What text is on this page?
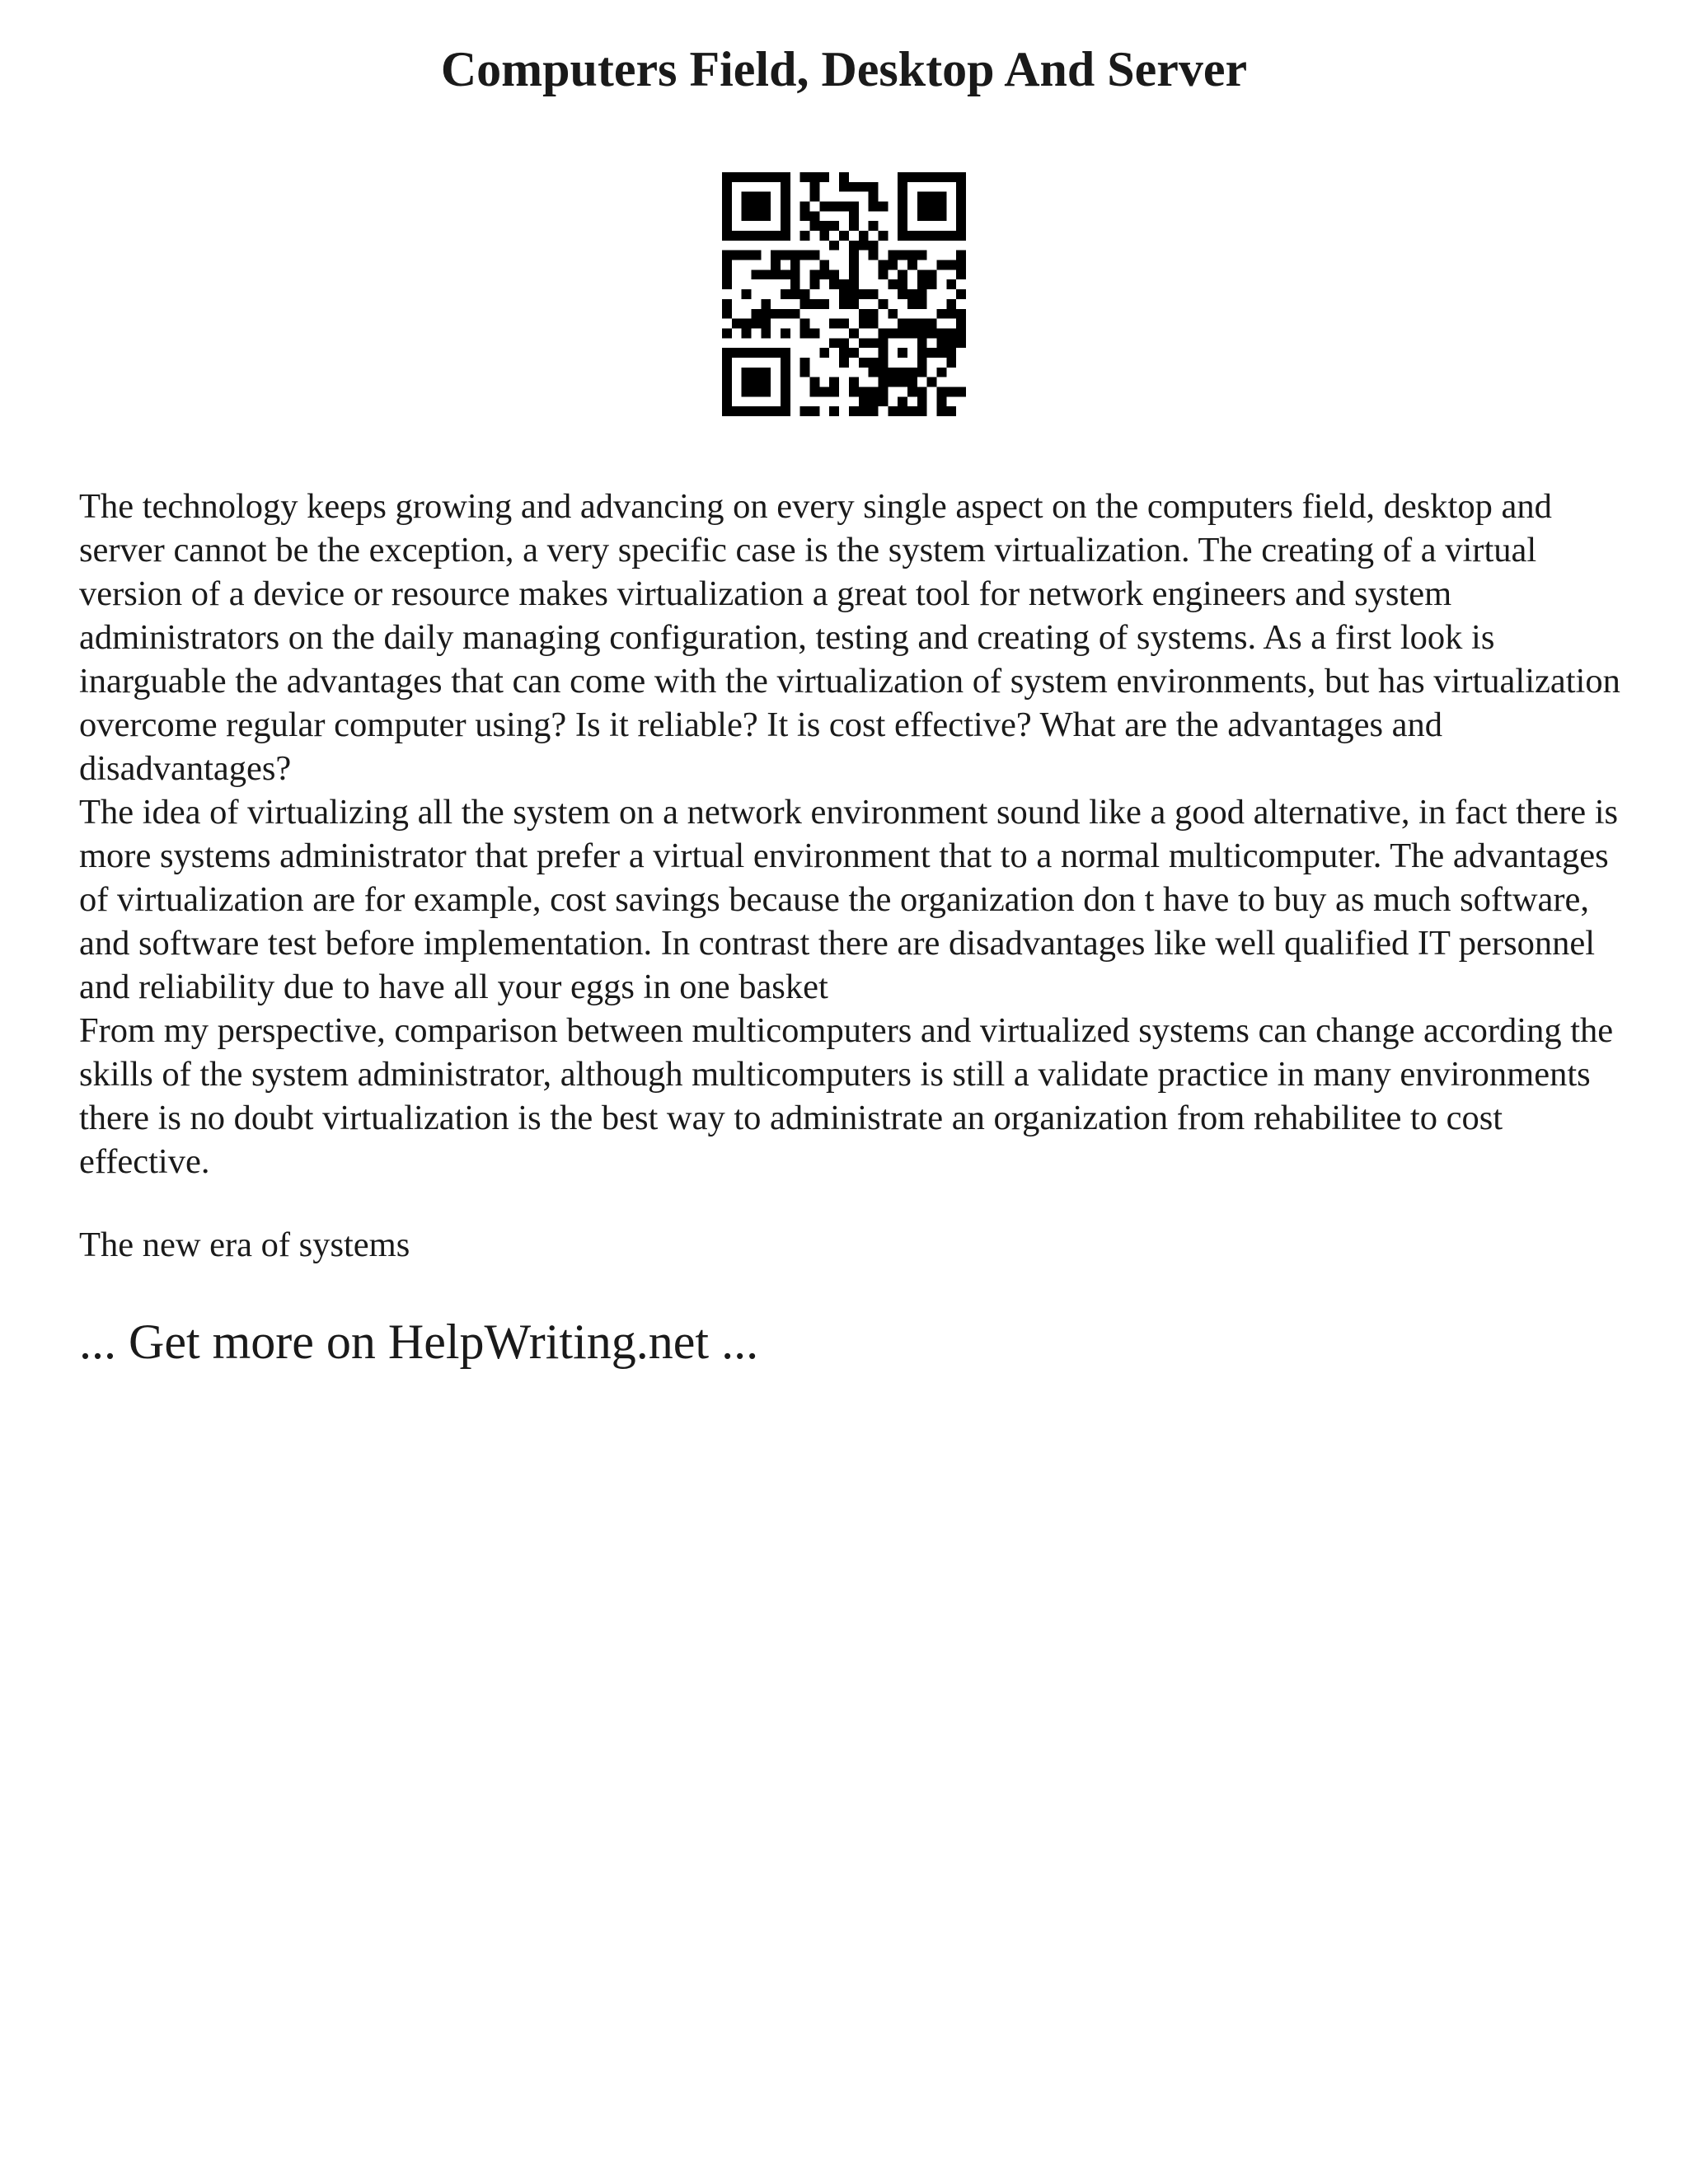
Computers Field, Desktop And Server

The technology keeps growing and advancing on every single aspect on the computers field, desktop and server cannot be the exception, a very specific case is the system virtualization. The creating of a virtual version of a device or resource makes virtualization a great tool for network engineers and system administrators on the daily managing configuration, testing and creating of systems. As a first look is inarguable the advantages that can come with the virtualization of system environments, but has virtualization overcome regular computer using? Is it reliable? It is cost effective? What are the advantages and disadvantages?

The idea of virtualizing all the system on a network environment sound like a good alternative, in fact there is more systems administrator that prefer a virtual environment that to a normal multicomputer. The advantages of virtualization are for example, cost savings because the organization don t have to buy as much software, and software test before implementation. In contrast there are disadvantages like well qualified IT personnel and reliability due to have all your eggs in one basket

From my perspective, comparison between multicomputers and virtualized systems can change according the skills of the system administrator, although multicomputers is still a validate practice in many environments there is no doubt virtualization is the best way to administrate an organization from rehabilitee to cost effective.

The new era of systems

... Get more on HelpWriting.net ...
